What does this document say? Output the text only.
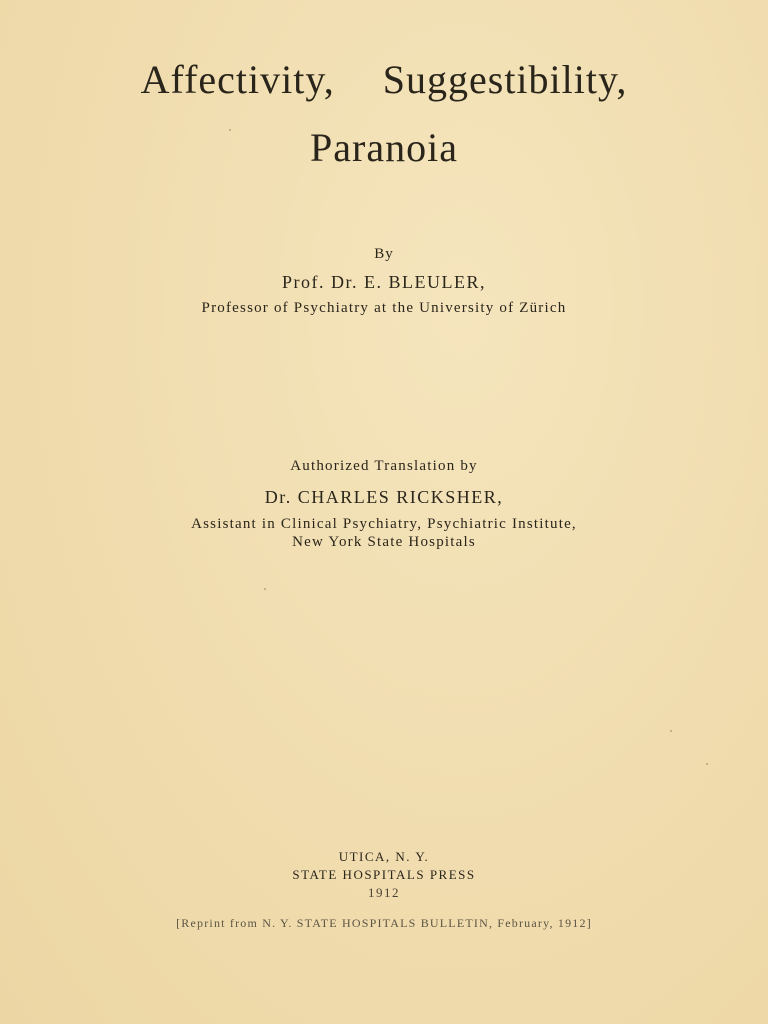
Affectivity, Suggestibility,
Paranoia
By
Prof. Dr. E. BLEULER,
Professor of Psychiatry at the University of Zürich
Authorized Translation by
Dr. CHARLES RICKSHER,
Assistant in Clinical Psychiatry, Psychiatric Institute,
New York State Hospitals
UTICA, N. Y.
STATE HOSPITALS PRESS
1912
[Reprint from N. Y. STATE HOSPITALS BULLETIN, February, 1912]
